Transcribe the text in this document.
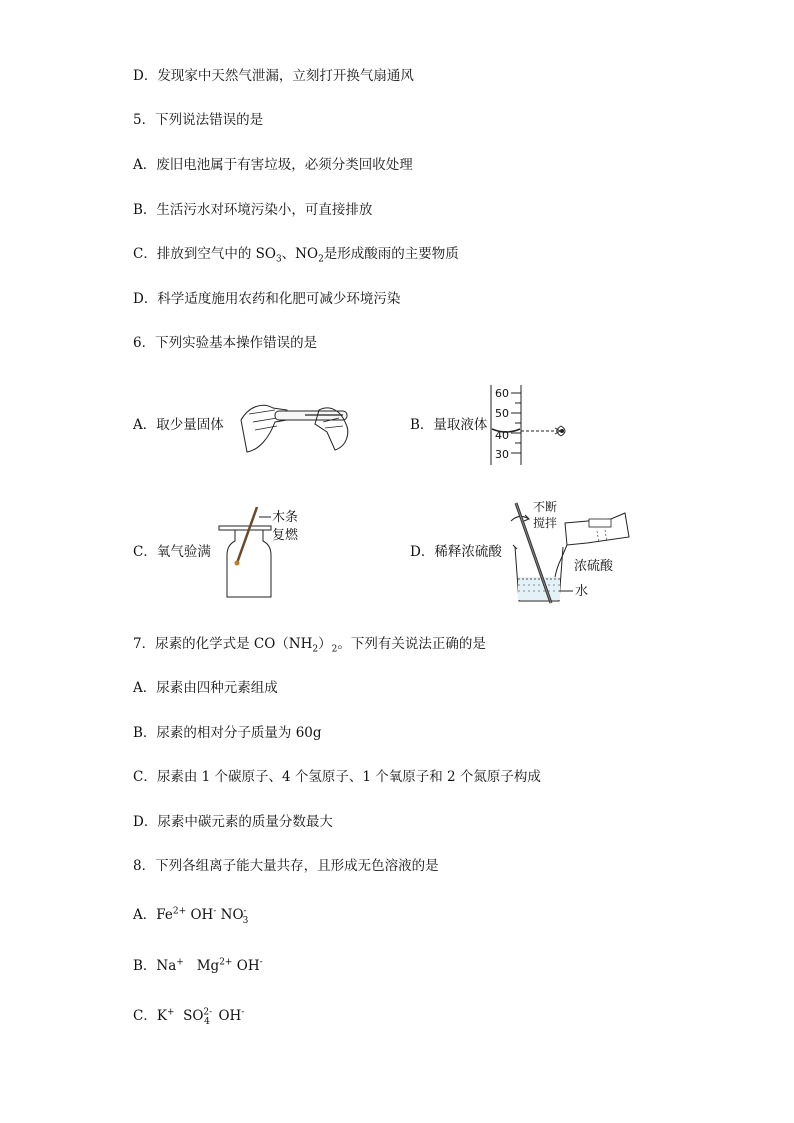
D．发现家中天然气泄漏，立刻打开换气扇通风
5．下列说法错误的是
A．废旧电池属于有害垃圾，必须分类回收处理
B．生活污水对环境污染小，可直接排放
C．排放到空气中的 $SO_3$、$NO_2$是形成酸雨的主要物质
D．科学适度施用农药和化肥可减少环境污染
6．下列实验基本操作错误的是
A．取少量固体	B．量取液体
60
50
40
30
C．氧气验满
木条
复燃
D．稀释浓硫酸
不断
搅拌
浓硫酸
水
7．尿素的化学式是 $CO(NH_2)_2$。下列有关说法正确的是
A．尿素由四种元素组成
B．尿素的相对分子质量为 60g
C．尿素由 1 个碳原子、4 个氢原子、1 个氧原子和 2 个氮原子构成
D．尿素中碳元素的质量分数最大
8．下列各组离子能大量共存，且形成无色溶液的是
A．$Fe^{2+}$ OH- $NO^-_3$
B．Na+   $Mg^{2+}$ OH-
C．K+  $SO^{2-}_4$  OH-
